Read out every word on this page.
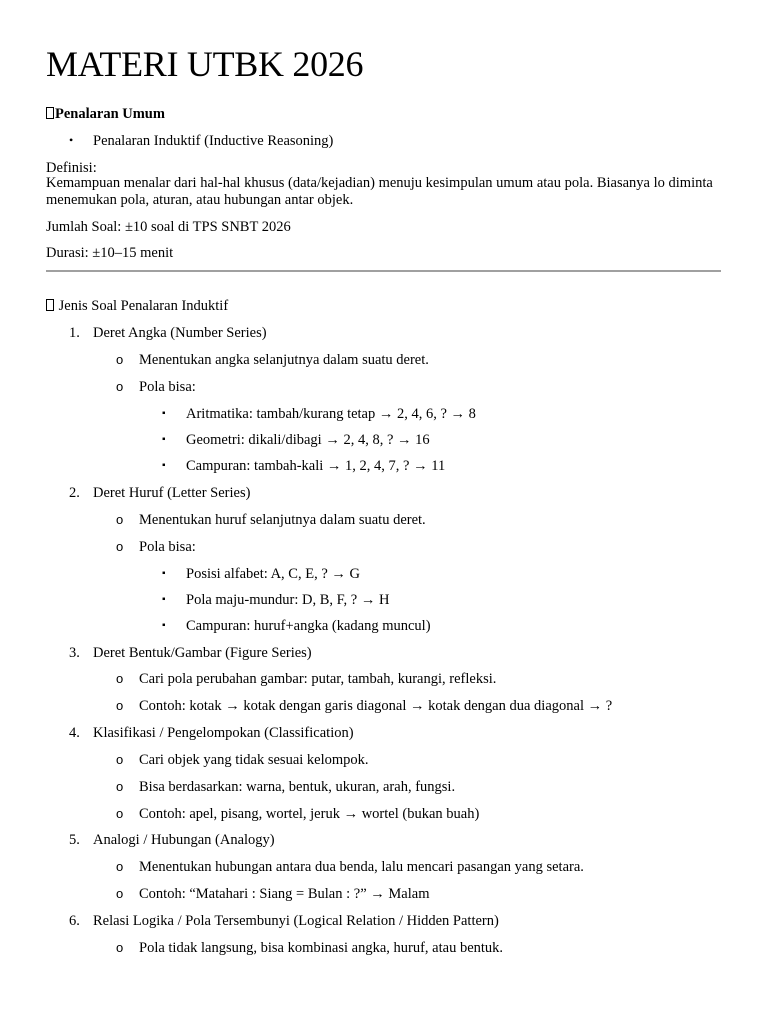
MATERI UTBK 2026
Penalaran Umum
• Penalaran Induktif (Inductive Reasoning)
Definisi:
Kemampuan menalar dari hal-hal khusus (data/kejadian) menuju kesimpulan umum atau pola. Biasanya lo diminta menemukan pola, aturan, atau hubungan antar objek.
Jumlah Soal: ±10 soal di TPS SNBT 2026
Durasi: ±10–15 menit
Jenis Soal Penalaran Induktif
1. Deret Angka (Number Series)
o Menentukan angka selanjutnya dalam suatu deret.
o Pola bisa:
▪ Aritmatika: tambah/kurang tetap → 2, 4, 6, ? → 8
▪ Geometri: dikali/dibagi → 2, 4, 8, ? → 16
▪ Campuran: tambah-kali → 1, 2, 4, 7, ? → 11
2. Deret Huruf (Letter Series)
o Menentukan huruf selanjutnya dalam suatu deret.
o Pola bisa:
▪ Posisi alfabet: A, C, E, ? → G
▪ Pola maju-mundur: D, B, F, ? → H
▪ Campuran: huruf+angka (kadang muncul)
3. Deret Bentuk/Gambar (Figure Series)
o Cari pola perubahan gambar: putar, tambah, kurangi, refleksi.
o Contoh: kotak → kotak dengan garis diagonal → kotak dengan dua diagonal → ?
4. Klasifikasi / Pengelompokan (Classification)
o Cari objek yang tidak sesuai kelompok.
o Bisa berdasarkan: warna, bentuk, ukuran, arah, fungsi.
o Contoh: apel, pisang, wortel, jeruk → wortel (bukan buah)
5. Analogi / Hubungan (Analogy)
o Menentukan hubungan antara dua benda, lalu mencari pasangan yang setara.
o Contoh: “Matahari : Siang = Bulan : ?” → Malam
6. Relasi Logika / Pola Tersembunyi (Logical Relation / Hidden Pattern)
o Pola tidak langsung, bisa kombinasi angka, huruf, atau bentuk.
